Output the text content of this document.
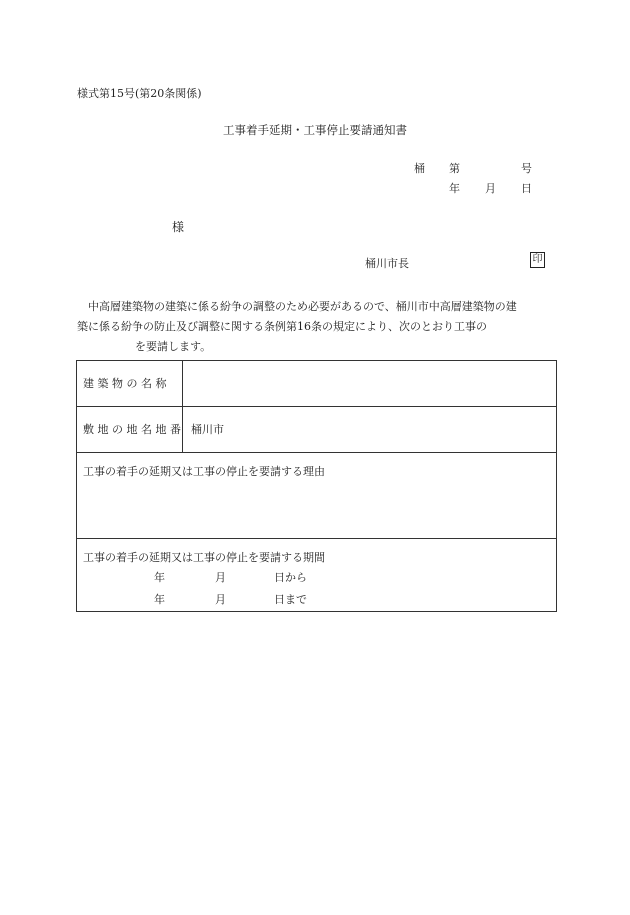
様式第15号(第20条関係)
工事着手延期・工事停止要請通知書
桶 第	号
年 月 日
様
桶川市長	印

中高層建築物の建築に係る紛争の調整のため必要があるので、桶川市中高層建築物の建

築に係る紛争の防止及び調整に関する条例第16条の規定により、次のとおり工事の

を要請します。

建 築 物 の 名 称
敷 地 の 地 名 地 番 桶川市
工事の着手の延期又は工事の停止を要請する理由
工事の着手の延期又は工事の停止を要請する期間
年	月	日から
年	月	日まで
